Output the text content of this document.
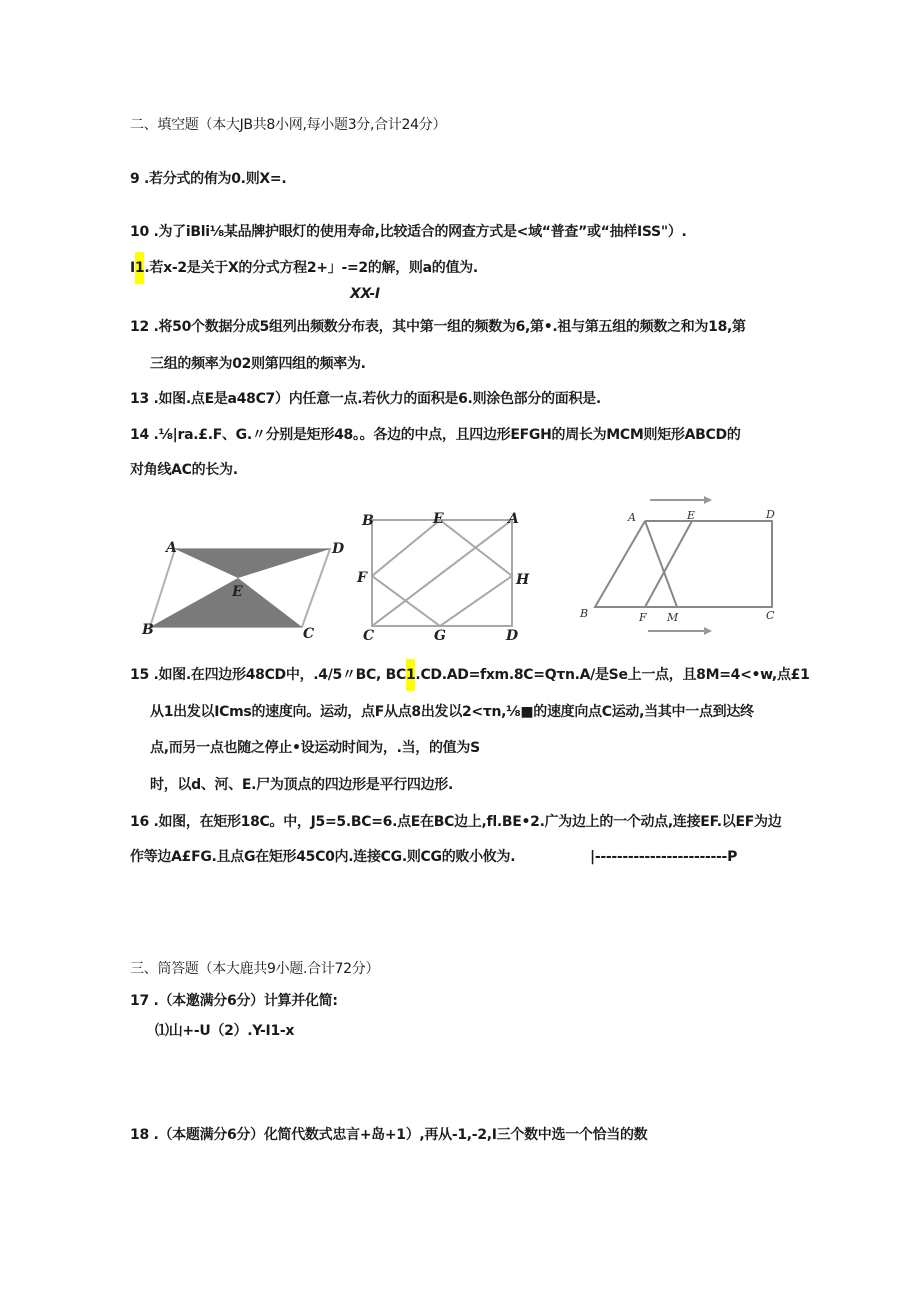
二、填空题（本大JB共8小网,每小题3分,合计24分）
9 .若分式的侑为0.则X=.
10 .为了iBli⅛某品牌护眼灯的使用寿命,比较适合的网查方式是<域“普查”或“抽样ISS"）.
I1.若x-2是关于X的分式方程2+」-=2的解，则a的值为.
XX-I
12 .将50个数据分成5组列出频数分布表，其中第一组的频数为6,第•.祖与第五组的频数之和为18,第
三组的频率为02则第四组的频率为.
13 .如图.点E是a48C7）内任意一点.若伙力的面积是6.则涂色部分的面积是.
14 .⅛|ra.£.F、G.〃分别是矩形48。。各边的中点，且四边形EFGH的周长为MCM则矩形ABCD的
对角线AC的长为.
A	D
E
B	C
B	E	A
F	H
C	G	D
A	E	D
B	F M	C
15 .如图.在四边形48CD中，.4/5〃BC, BC1.CD.AD=fxm.8C=Qτn.A/是Se上一点，且8M=4<•w,点£1
从1出发以ICms的速度向。运动，点F从点8出发以2<τn,⅛■的速度向点C运动,当其中一点到达终
点,而另一点也随之停止•设运动时间为，.当，的值为S
时，以d、河、E.尸为顶点的四边形是平行四边形.
16 .如图，在矩形18C。中，J5=5.BC=6.点E在BC边上,fl.BE•2.广为边上的一个动点,连接EF.以EF为边
作等边A£FG.且点G在矩形45C0内.连接CG.则CG的败小攸为.	|------------------------P
三、筒答题（本大鹿共9小题.合计72分）
17 .（本邀满分6分）计算并化简:
⑴山+-U（2）.Y-I1-x
18 .（本题满分6分）化简代数式忠言+岛+1）,再从-1,-2,I三个数中选一个恰当的数
